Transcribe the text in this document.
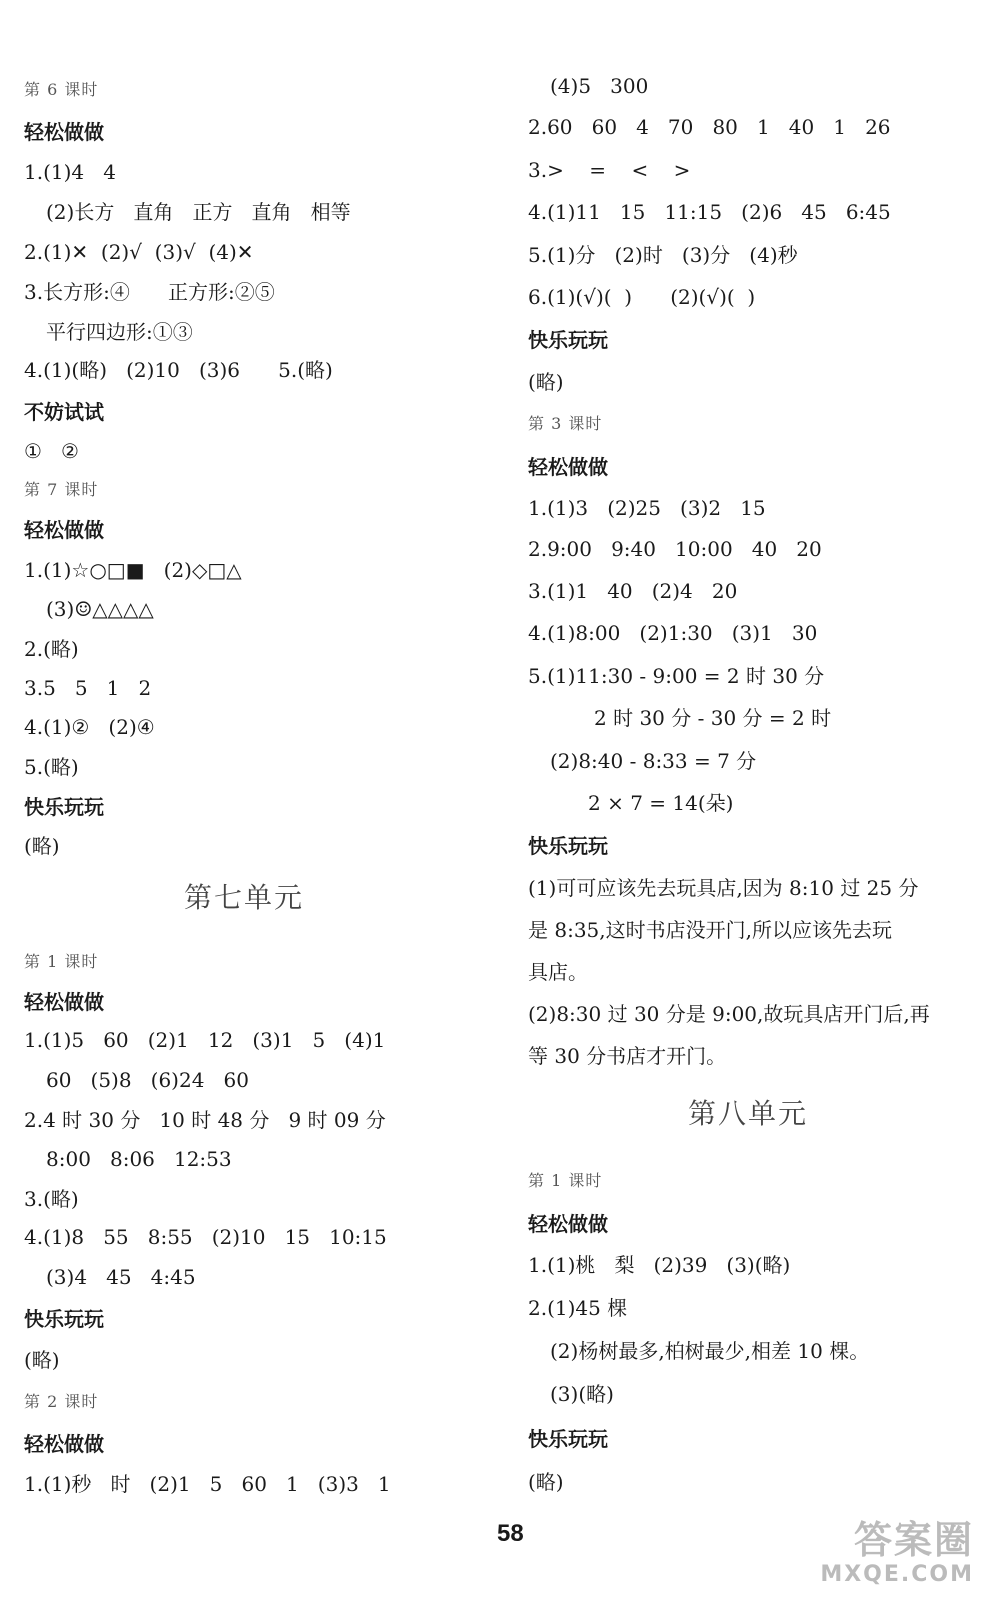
第 6 课时
轻松做做
1.(1)4   4
(2)长方   直角   正方   直角   相等
2.(1)✕  (2)√  (3)√  (4)✕
3.长方形:④      正方形:②⑤
平行四边形:①③
4.(1)(略)   (2)10   (3)6      5.(略)
不妨试试
①   ②
第 7 课时
轻松做做
1.(1)☆○□■   (2)◇□△
(3)☺△△△△
2.(略)
3.5   5   1   2
4.(1)②   (2)④
5.(略)
快乐玩玩
(略)
第七单元
第 1 课时
轻松做做
1.(1)5   60   (2)1   12   (3)1   5   (4)1
60   (5)8   (6)24   60
2.4 时 30 分   10 时 48 分   9 时 09 分
8:00   8:06   12:53
3.(略)
4.(1)8   55   8:55   (2)10   15   10:15
(3)4   45   4:45
快乐玩玩
(略)
第 2 课时
轻松做做
1.(1)秒   时   (2)1   5   60   1   (3)3   1
(4)5   300
2.60   60   4   70   80   1   40   1   26
3.>    =    <    >
4.(1)11   15   11:15   (2)6   45   6:45
5.(1)分   (2)时   (3)分   (4)秒
6.(1)(√)(  )      (2)(√)(  )
快乐玩玩
(略)
第 3 课时
轻松做做
1.(1)3   (2)25   (3)2   15
2.9:00   9:40   10:00   40   20
3.(1)1   40   (2)4   20
4.(1)8:00   (2)1:30   (3)1   30
5.(1)11:30 - 9:00 = 2 时 30 分
2 时 30 分 - 30 分 = 2 时
(2)8:40 - 8:33 = 7 分
2 × 7 = 14(朵)
快乐玩玩
(1)可可应该先去玩具店,因为 8:10 过 25 分
是 8:35,这时书店没开门,所以应该先去玩
具店。
(2)8:30 过 30 分是 9:00,故玩具店开门后,再
等 30 分书店才开门。
第八单元
第 1 课时
轻松做做
1.(1)桃   梨   (2)39   (3)(略)
2.(1)45 棵
(2)杨树最多,柏树最少,相差 10 棵。
(3)(略)
快乐玩玩
(略)
58	答案圈
MXQE.COM
